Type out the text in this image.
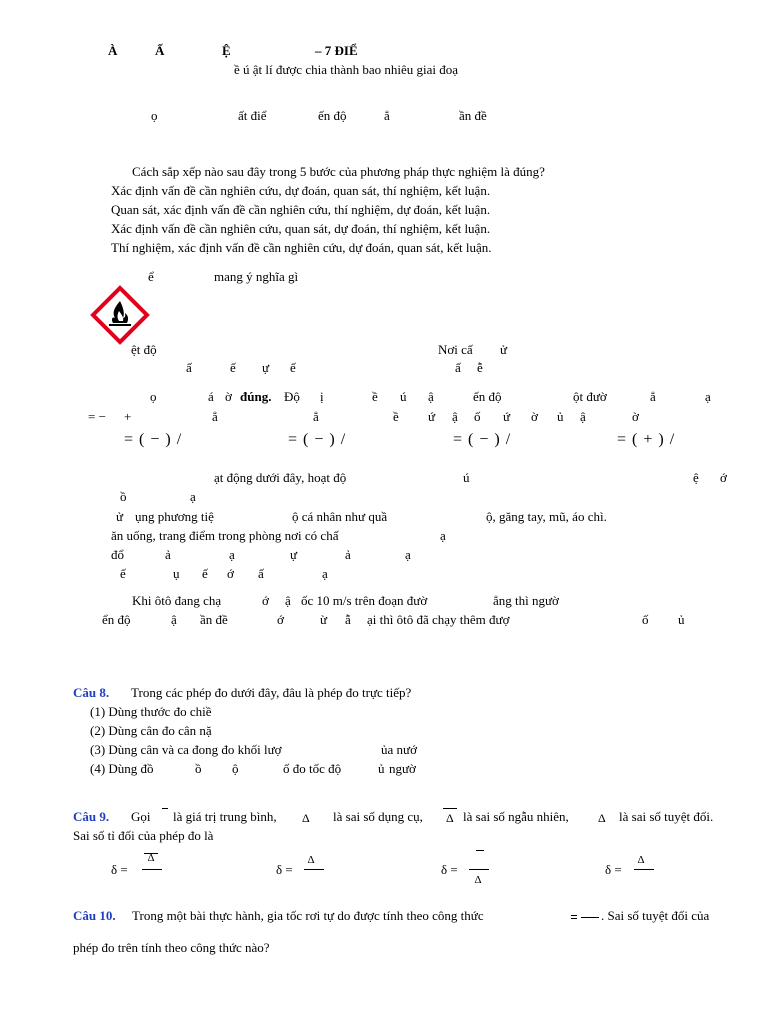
À	Ấ	Ệ	– 7 ĐIỂ
ề ú ật lí được chia thành bao nhiêu giai đoạ
ọ	ất điể	ến độ	ẳ	ần đề
Cách sắp xếp nào sau đây trong 5 bước của phương pháp thực nghiệm là đúng?
Xác định vấn đề cần nghiên cứu, dự đoán, quan sát, thí nghiệm, kết luận.
Quan sát, xác định vấn đề cần nghiên cứu, thí nghiệm, dự đoán, kết luận.
Xác định vấn đề cần nghiên cứu, quan sát, dự đoán, thí nghiệm, kết luận.
Thí nghiệm, xác định vấn đề cần nghiên cứu, dự đoán, quan sát, kết luận.
ể	mang ý nghĩa gì
ệt độ	Nơi cấ ử
ấ	ế ự ế	ấ ễ
ọ	á ờ đúng. Độ ị	ề ú ậ	ến độ	ột đườ	ẳ	ạ
= − +	ẳ	ẳ	ề ứ ậ ố ứ ờ ủ ậ	ờ
= ( − ) /	= ( − ) /	= ( − ) /	= ( + ) /
ạt động dưới đây, hoạt độ	ú	ệ ớ
ồ	ạ
ử ụng phương tiệ	ộ cá nhân như quầ	ộ, găng tay, mũ, áo chì.
ăn uống, trang điểm trong phòng nơi có chấ	ạ
đổ	ả	ạ	ự	ả	ạ
ế	ụ ế ớ ấ	ạ
Khi ôtô đang chạ	ớ ậ ốc 10 m/s trên đoạn đườ	ẳng thì ngườ
ển độ	ậ ần đề	ớ	ừ ẫ ại thì ôtô đã chạy thêm đượ	ố ủ
Câu 8. Trong các phép đo dưới đây, đâu là phép đo trực tiếp?
(1) Dùng thước đo chiề
(2) Dùng cân đo cân nặ
(3) Dùng cân và ca đong đo khối lượ	ủa nướ
(4) Dùng đồ	ồ ộ	ố đo tốc độ	ủ ngườ
Câu 9. Gọi là giá trị trung bình, Δ là sai số dụng cụ, Δ là sai số ngẫu nhiên, Δ là sai số tuyệt đối.
Sai số tỉ đối của phép đo là
δ =
Δ
δ =
Δ
δ =
Δ
δ =
Δ
Câu 10. Trong một bài thực hành, gia tốc rơi tự do được tính theo công thức	. Sai số tuyệt đối của
phép đo trên tính theo công thức nào?
